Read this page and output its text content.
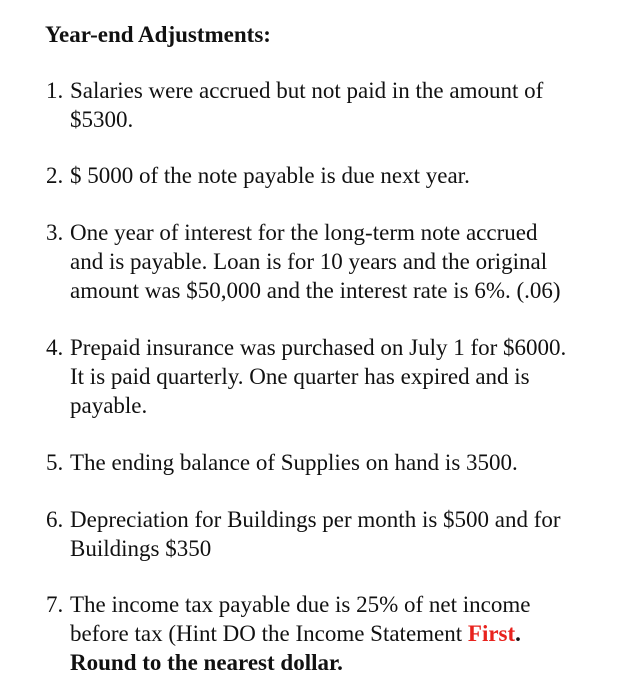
Year-end Adjustments:
1. Salaries were accrued but not paid in the amount of
$5300.
2. $ 5000 of the note payable is due next year.
3. One year of interest for the long-term note accrued
and is payable. Loan is for 10 years and the original
amount was $50,000 and the interest rate is 6%. (.06)
4. Prepaid insurance was purchased on July 1 for $6000.
It is paid quarterly. One quarter has expired and is
payable.
5. The ending balance of Supplies on hand is 3500.
6. Depreciation for Buildings per month is $500 and for
Buildings $350
7. The income tax payable due is 25% of net income
before tax (Hint DO the Income Statement First.
Round to the nearest dollar.
